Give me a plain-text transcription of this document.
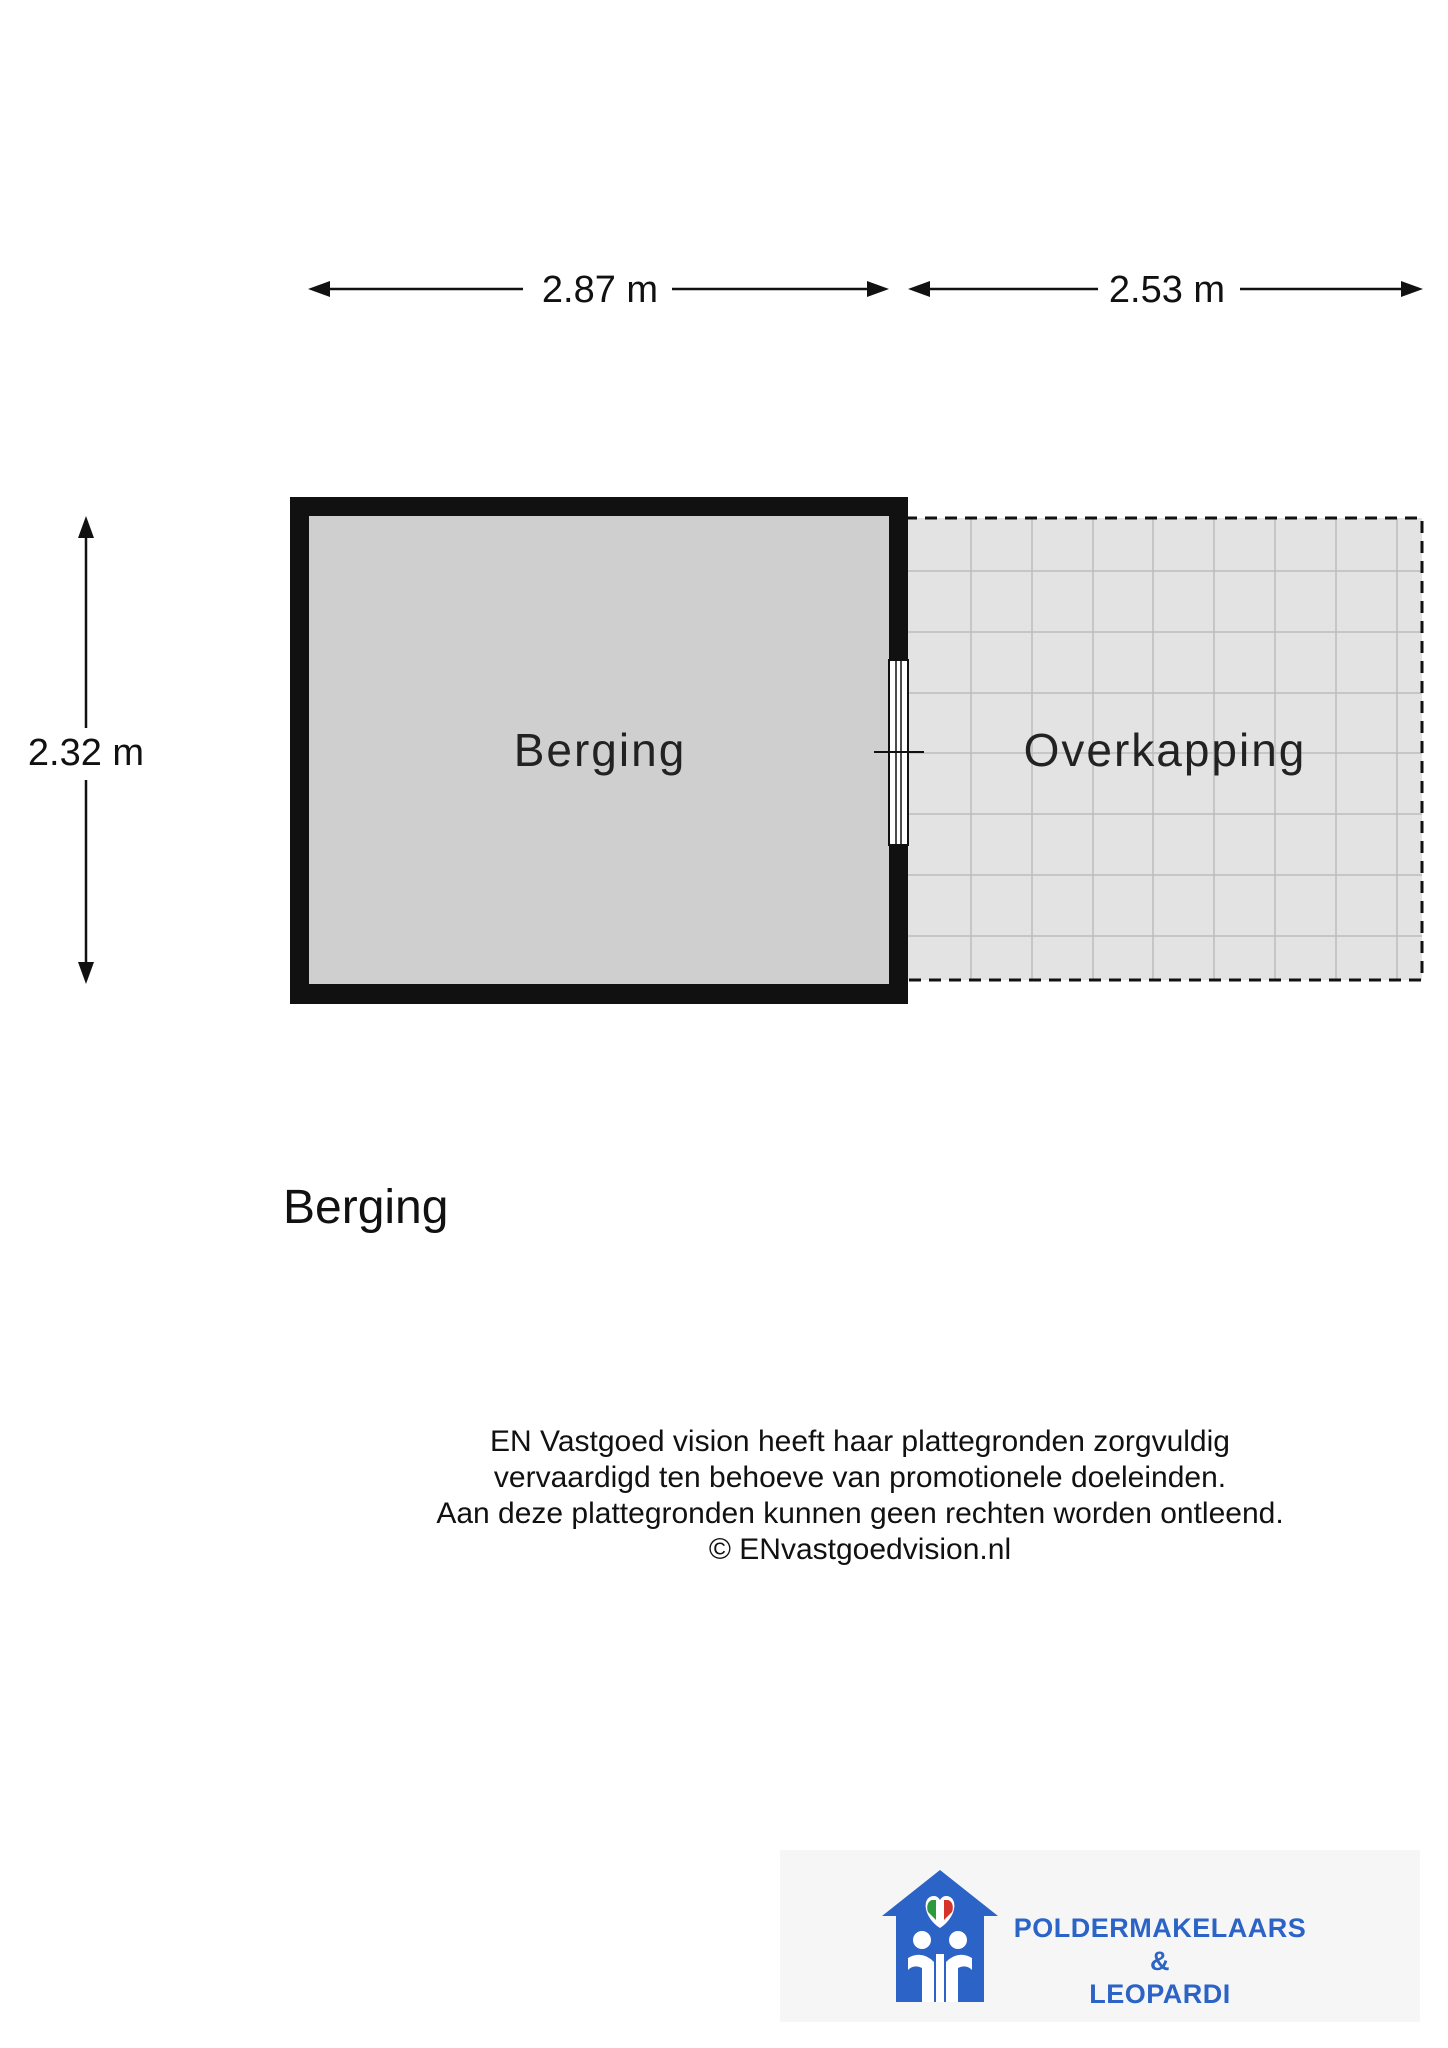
2.87 m	2.53 m
2.32 m	Overkapping
Berging
Berging
EN Vastgoed vision heeft haar plattegronden zorgvuldig
vervaardigd ten behoeve van promotionele doeleinden.
Aan deze plattegronden kunnen geen rechten worden ontleend.
© ENvastgoedvision.nl
POLDERMAKELAARS
&
LEOPARDI
